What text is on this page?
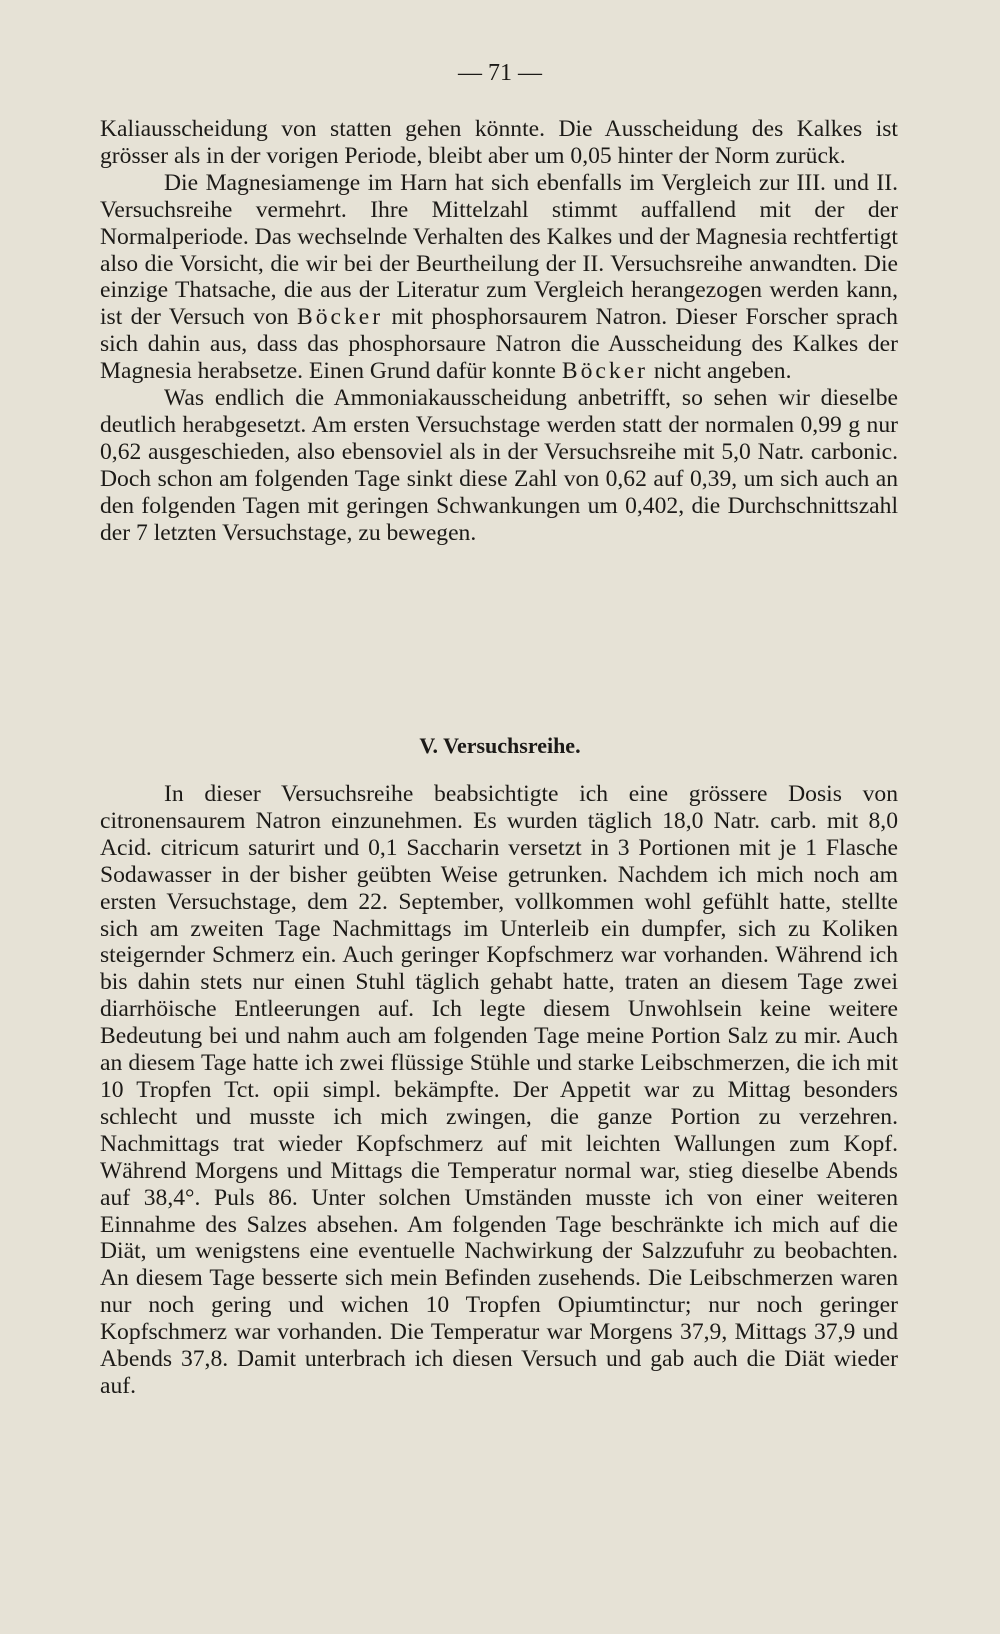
— 71 —

Kaliausscheidung von statten gehen könnte. Die Ausscheidung des Kalkes ist grösser als in der vorigen Periode, bleibt aber um 0,05 hinter der Norm zurück.

Die Magnesiamenge im Harn hat sich ebenfalls im Vergleich zur III. und II. Versuchsreihe vermehrt. Ihre Mittelzahl stimmt auffallend mit der der Normalperiode. Das wechselnde Verhalten des Kalkes und der Magnesia rechtfertigt also die Vorsicht, die wir bei der Beurtheilung der II. Versuchsreihe anwandten. Die einzige Thatsache, die aus der Literatur zum Vergleich herangezogen werden kann, ist der Versuch von Böcker mit phosphorsaurem Natron. Dieser Forscher sprach sich dahin aus, dass das phosphorsaure Natron die Ausscheidung des Kalkes der Magnesia herabsetze. Einen Grund dafür konnte Böcker nicht angeben.

Was endlich die Ammoniakausscheidung anbetrifft, so sehen wir dieselbe deutlich herabgesetzt. Am ersten Versuchstage werden statt der normalen 0,99 g nur 0,62 ausgeschieden, also ebensoviel als in der Versuchsreihe mit 5,0 Natr. carbonic. Doch schon am folgenden Tage sinkt diese Zahl von 0,62 auf 0,39, um sich auch an den folgenden Tagen mit geringen Schwankungen um 0,402, die Durchschnittszahl der 7 letzten Versuchstage, zu bewegen.

V. Versuchsreihe.

In dieser Versuchsreihe beabsichtigte ich eine grössere Dosis von citronensaurem Natron einzunehmen. Es wurden täglich 18,0 Natr. carb. mit 8,0 Acid. citricum saturirt und 0,1 Saccharin versetzt in 3 Portionen mit je 1 Flasche Sodawasser in der bisher geübten Weise getrunken. Nachdem ich mich noch am ersten Versuchstage, dem 22. September, vollkommen wohl gefühlt hatte, stellte sich am zweiten Tage Nachmittags im Unterleib ein dumpfer, sich zu Koliken steigernder Schmerz ein. Auch geringer Kopfschmerz war vorhanden. Während ich bis dahin stets nur einen Stuhl täglich gehabt hatte, traten an diesem Tage zwei diarrhöische Entleerungen auf. Ich legte diesem Unwohlsein keine weitere Bedeutung bei und nahm auch am folgenden Tage meine Portion Salz zu mir. Auch an diesem Tage hatte ich zwei flüssige Stühle und starke Leibschmerzen, die ich mit 10 Tropfen Tct. opii simpl. bekämpfte. Der Appetit war zu Mittag besonders schlecht und musste ich mich zwingen, die ganze Portion zu verzehren. Nachmittags trat wieder Kopfschmerz auf mit leichten Wallungen zum Kopf. Während Morgens und Mittags die Temperatur normal war, stieg dieselbe Abends auf 38,4°. Puls 86. Unter solchen Umständen musste ich von einer weiteren Einnahme des Salzes absehen. Am folgenden Tage beschränkte ich mich auf die Diät, um wenigstens eine eventuelle Nachwirkung der Salzzufuhr zu beobachten. An diesem Tage besserte sich mein Befinden zusehends. Die Leibschmerzen waren nur noch gering und wichen 10 Tropfen Opiumtinctur; nur noch geringer Kopfschmerz war vorhanden. Die Temperatur war Morgens 37,9, Mittags 37,9 und Abends 37,8. Damit unterbrach ich diesen Versuch und gab auch die Diät wieder auf.
